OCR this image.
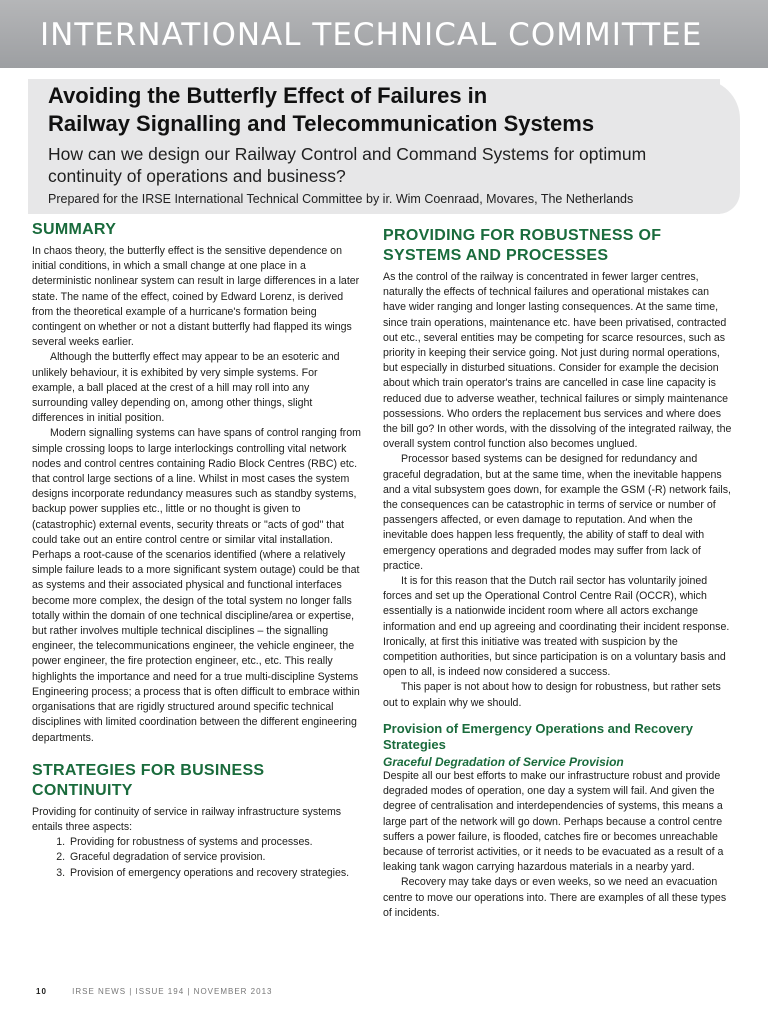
INTERNATIONAL TECHNICAL COMMITTEE
Avoiding the Butterfly Effect of Failures in
Railway Signalling and Telecommunication Systems
How can we design our Railway Control and Command Systems for optimum continuity of operations and business?
Prepared for the IRSE International Technical Committee by ir. Wim Coenraad, Movares, The Netherlands
SUMMARY

In chaos theory, the butterfly effect is the sensitive dependence on initial conditions, in which a small change at one place in a deterministic nonlinear system can result in large differences in a later state. The name of the effect, coined by Edward Lorenz, is derived from the theoretical example of a hurricane's formation being contingent on whether or not a distant butterfly had flapped its wings several weeks earlier.

Although the butterfly effect may appear to be an esoteric and unlikely behaviour, it is exhibited by very simple systems. For example, a ball placed at the crest of a hill may roll into any surrounding valley depending on, among other things, slight differences in initial position.

Modern signalling systems can have spans of control ranging from simple crossing loops to large interlockings controlling vital network nodes and control centres containing Radio Block Centres (RBC) etc. that control large sections of a line. Whilst in most cases the system designs incorporate redundancy measures such as standby systems, backup power supplies etc., little or no thought is given to (catastrophic) external events, security threats or "acts of god" that could take out an entire control centre or similar vital installation. Perhaps a root-cause of the scenarios identified (where a relatively simple failure leads to a more significant system outage) could be that as systems and their associated physical and functional interfaces become more complex, the design of the total system no longer falls totally within the domain of one technical discipline/area or expertise, but rather involves multiple technical disciplines – the signalling engineer, the telecommunications engineer, the vehicle engineer, the power engineer, the fire protection engineer, etc., etc. This really highlights the importance and need for a true multi-discipline Systems Engineering process; a process that is often difficult to embrace within organisations that are rigidly structured around specific technical disciplines with limited coordination between the different engineering departments.

STRATEGIES FOR BUSINESS CONTINUITY

Providing for continuity of service in railway infrastructure systems entails three aspects:

1. Providing for robustness of systems and processes.
2. Graceful degradation of service provision.
3. Provision of emergency operations and recovery strategies.
PROVIDING FOR ROBUSTNESS OF SYSTEMS AND PROCESSES

As the control of the railway is concentrated in fewer larger centres, naturally the effects of technical failures and operational mistakes can have wider ranging and longer lasting consequences. At the same time, since train operations, maintenance etc. have been privatised, contracted out etc., several entities may be competing for scarce resources, such as priority in keeping their service going. Not just during normal operations, but especially in disturbed situations. Consider for example the decision about which train operator's trains are cancelled in case line capacity is reduced due to adverse weather, technical failures or simply maintenance possessions. Who orders the replacement bus services and where does the bill go? In other words, with the dissolving of the integrated railway, the overall system control function also becomes unglued.

Processor based systems can be designed for redundancy and graceful degradation, but at the same time, when the inevitable happens and a vital subsystem goes down, for example the GSM (-R) network fails, the consequences can be catastrophic in terms of service or number of passengers affected, or even damage to reputation. And when the inevitable does happen less frequently, the ability of staff to deal with emergency operations and degraded modes may suffer from lack of practice.

It is for this reason that the Dutch rail sector has voluntarily joined forces and set up the Operational Control Centre Rail (OCCR), which essentially is a nationwide incident room where all actors exchange information and end up agreeing and coordinating their incident response. Ironically, at first this initiative was treated with suspicion by the competition authorities, but since participation is on a voluntary basis and open to all, is indeed now considered a success.

This paper is not about how to design for robustness, but rather sets out to explain why we should.

Provision of Emergency Operations and Recovery Strategies
Graceful Degradation of Service Provision

Despite all our best efforts to make our infrastructure robust and provide degraded modes of operation, one day a system will fail. And given the degree of centralisation and interdependencies of systems, this means a large part of the network will go down. Perhaps because a control centre suffers a power failure, is flooded, catches fire or becomes unreachable because of terrorist activities, or it needs to be evacuated as a result of a leaking tank wagon carrying hazardous materials in a nearby yard.

Recovery may take days or even weeks, so we need an evacuation centre to move our operations into. There are examples of all these types of incidents.

10	IRSE NEWS | ISSUE 194 | NOVEMBER 2013
